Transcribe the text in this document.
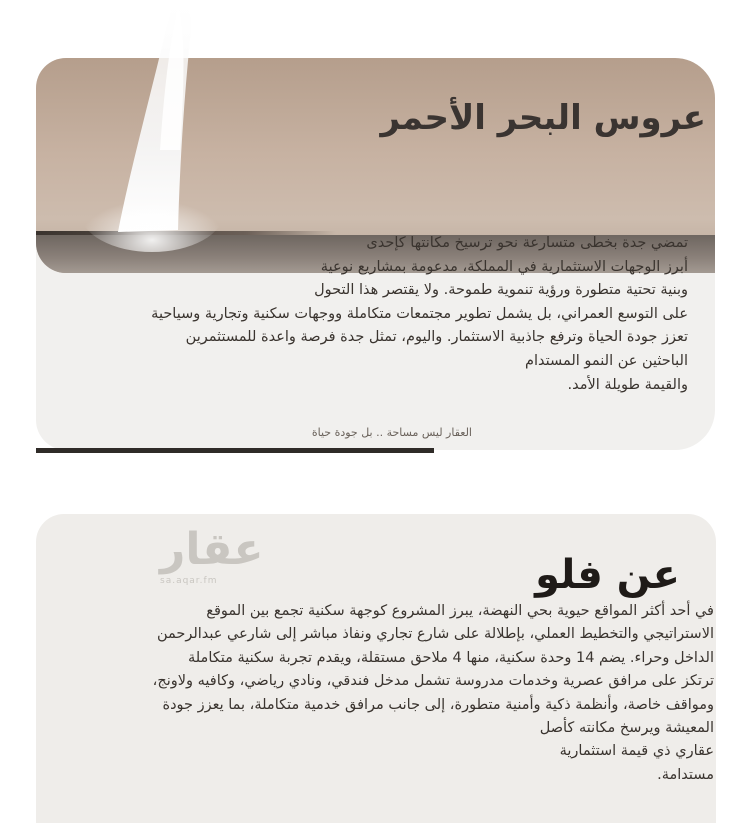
عروس البحر الأحمر
تمضي جدة بخطى متسارعة نحو ترسيخ مكانتها كإحدى
أبرز الوجهات الاستثمارية في المملكة، مدعومة بمشاريع نوعية
وبنية تحتية متطورة ورؤية تنموية طموحة. ولا يقتصر هذا التحول
على التوسع العمراني، بل يشمل تطوير مجتمعات متكاملة ووجهات سكنية وتجارية وسياحية
تعزز جودة الحياة وترفع جاذبية الاستثمار. واليوم، تمثل جدة فرصة واعدة للمستثمرين
الباحثين عن النمو المستدام
والقيمة طويلة الأمد.
العقار ليس مساحة .. بل جودة حياة
عقار
sa.aqar.fm	عن فلو
في أحد أكثر المواقع حيوية بحي النهضة، يبرز المشروع كوجهة سكنية تجمع بين الموقع
الاستراتيجي والتخطيط العملي، بإطلالة على شارع تجاري ونفاذ مباشر إلى شارعي عبدالرحمن
الداخل وحراء. يضم 14 وحدة سكنية، منها 4 ملاحق مستقلة، ويقدم تجربة سكنية متكاملة
ترتكز على مرافق عصرية وخدمات مدروسة تشمل مدخل فندقي، ونادي رياضي، وكافيه ولاونج،
ومواقف خاصة، وأنظمة ذكية وأمنية متطورة، إلى جانب مرافق خدمية متكاملة، بما يعزز جودة
المعيشة ويرسخ مكانته كأصل
عقاري ذي قيمة استثمارية
مستدامة.
